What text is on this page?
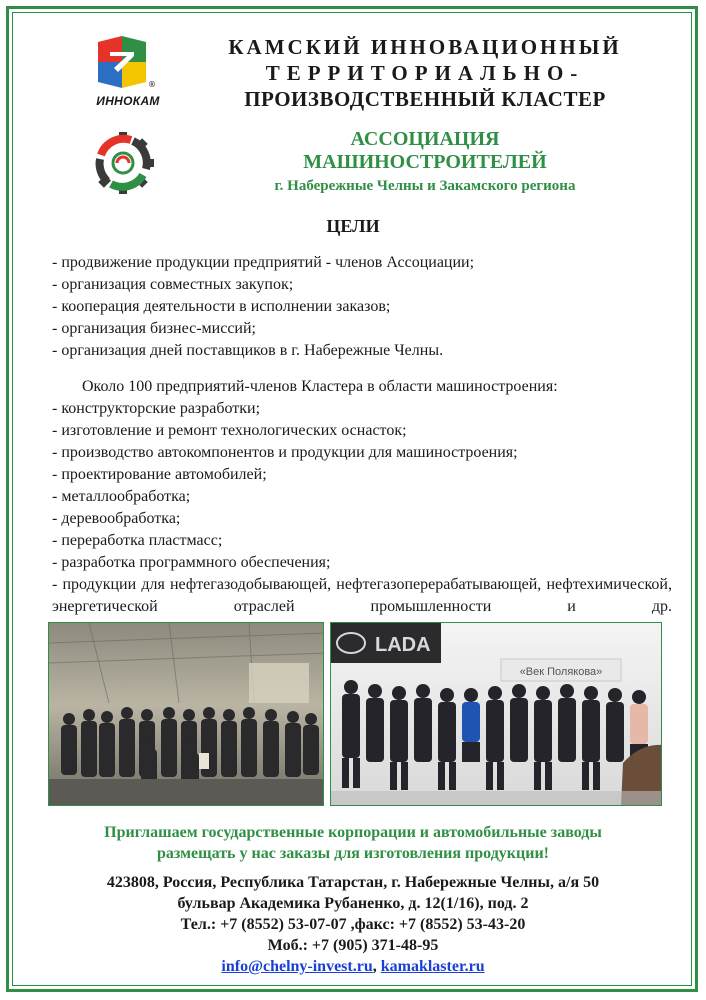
®
ИННОКАМ
КАМСКИЙ ИННОВАЦИОННЫЙ
ТЕРРИТОРИАЛЬНО-
ПРОИЗВОДСТВЕННЫЙ КЛАСТЕР
АССОЦИАЦИЯ
МАШИНОСТРОИТЕЛЕЙ
г. Набережные Челны и Закамского региона
ЦЕЛИ
- продвижение продукции предприятий - членов Ассоциации;
- организация совместных закупок;
- кооперация деятельности в исполнении заказов;
- организация бизнес-миссий;
- организация дней поставщиков в г. Набережные Челны.
Около 100 предприятий-членов Кластера в области машиностроения:
- конструкторские разработки;
- изготовление и ремонт технологических оснасток;
- производство автокомпонентов и продукции для машиностроения;
- проектирование автомобилей;
- металлообработка;
- деревообработка;
- переработка пластмасс;
- разработка программного обеспечения;
- продукции для нефтегазодобывающей, нефтегазоперерабатывающей, нефтехимической, энергетической отраслей промышленности и др.
LADA
«Век Полякова»
Приглашаем государственные корпорации и автомобильные заводы
размещать у нас заказы для изготовления продукции!
423808, Россия, Республика Татарстан, г. Набережные Челны, а/я 50
бульвар Академика Рубаненко, д. 12(1/16), под. 2
Тел.: +7 (8552) 53-07-07 ,факс: +7 (8552) 53-43-20
Моб.: +7 (905) 371-48-95
info@chelny-invest.ru, kamaklaster.ru
